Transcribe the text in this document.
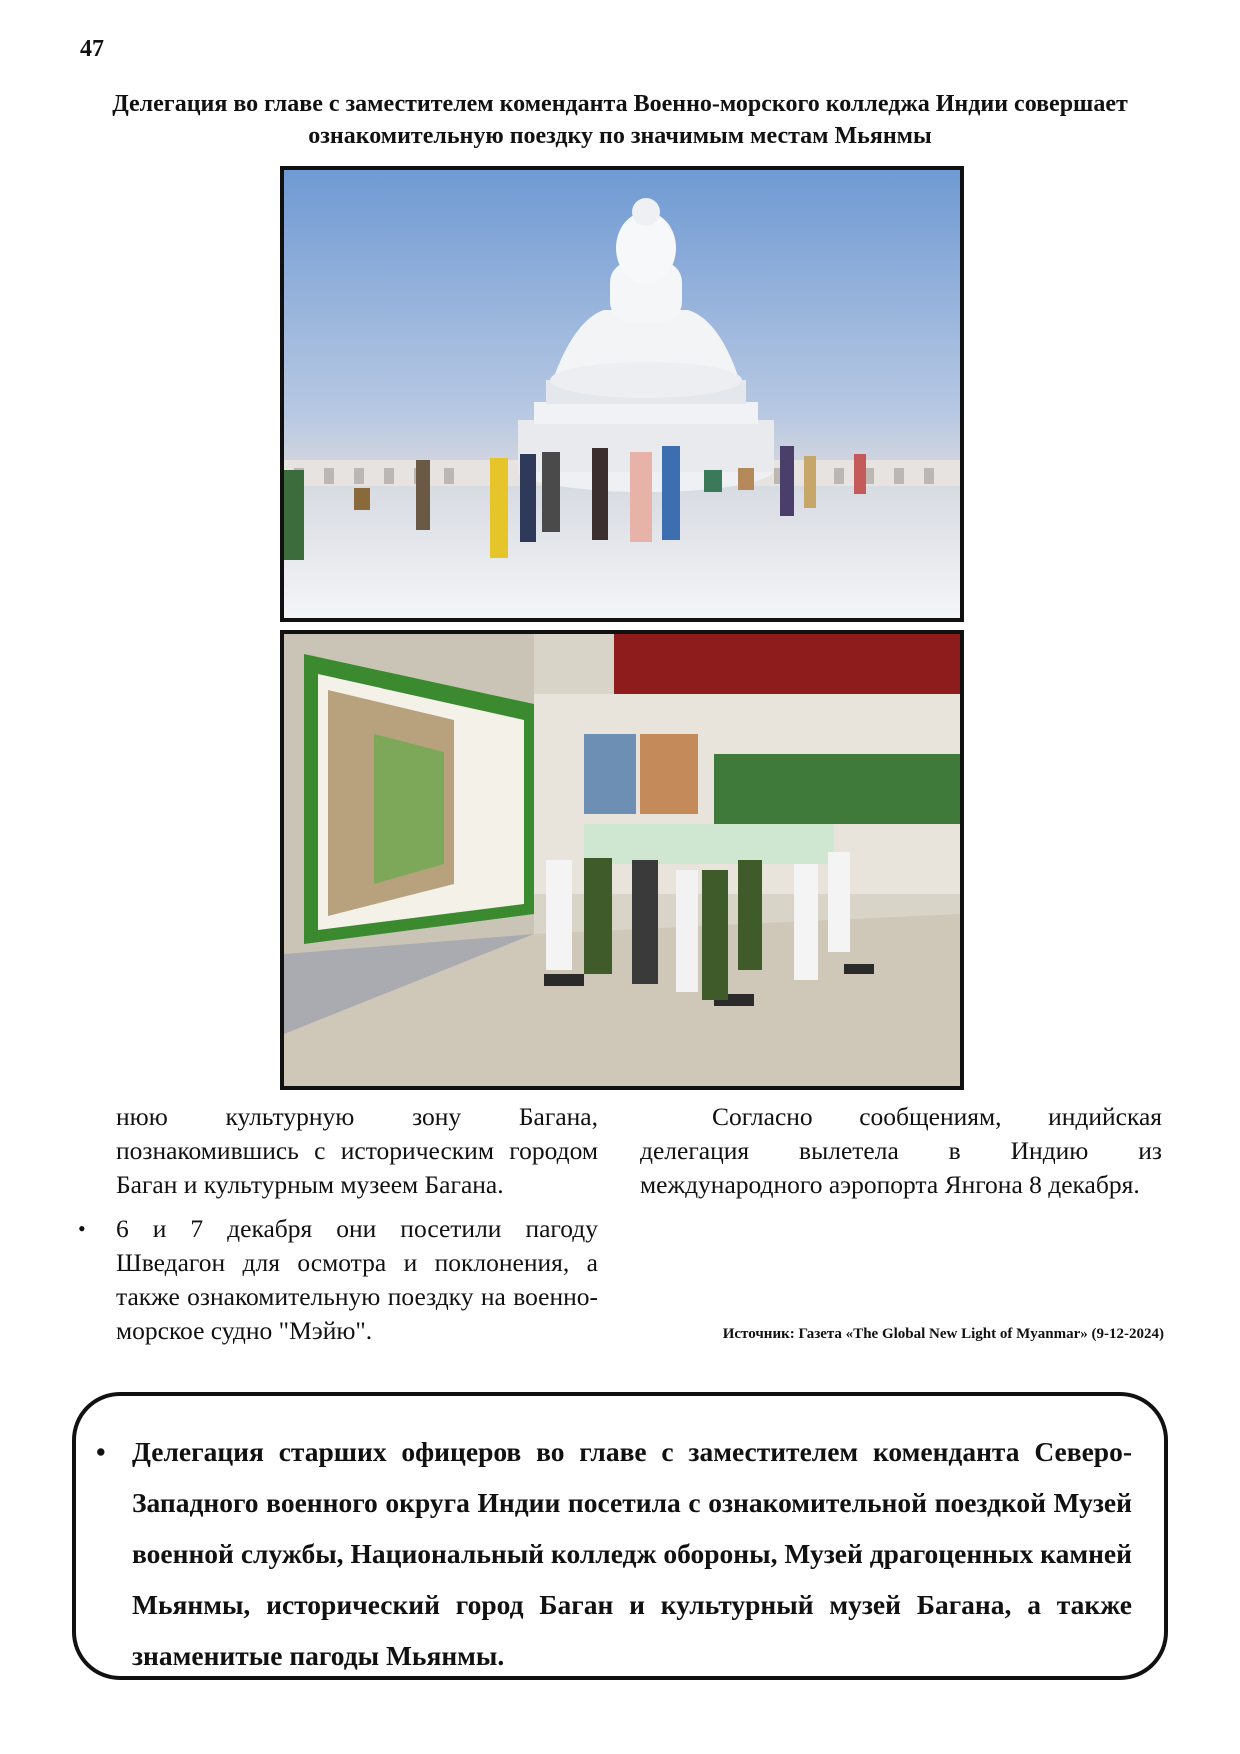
47
Делегация во главе с заместителем коменданта Военно-морского колледжа Индии совершает ознакомительную поездку по значимым местам Мьянмы

нюю культурную зону Багана, познакомившись с историческим городом Баган и культурным музеем Багана.

• 6 и 7 декабря они посетили пагоду Шведагон для осмотра и поклонения, а также ознакомительную поездку на военно-морское судно "Мэйю".

Согласно сообщениям, индийская делегация вылетела в Индию из международного аэропорта Янгона 8 декабря.

Источник: Газета «The Global New Light of Myanmar» (9-12-2024)
• Делегация старших офицеров во главе с заместителем коменданта Северо-Западного военного округа Индии посетила с ознакомительной поездкой Музей военной службы, Национальный колледж обороны, Музей драгоценных камней Мьянмы, исторический город Баган и культурный музей Багана, а также знаменитые пагоды Мьянмы.
